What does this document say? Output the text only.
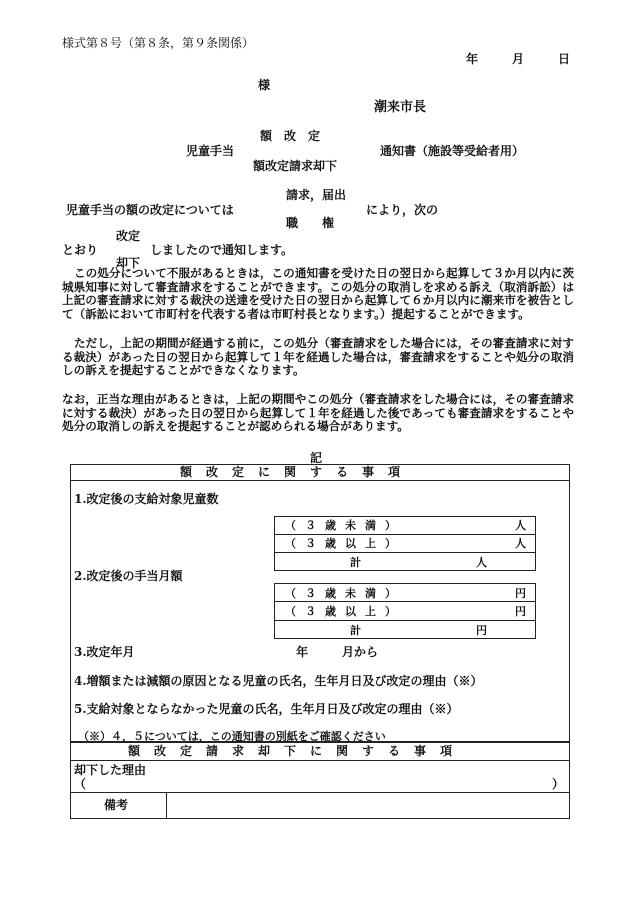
様式第８号（第８条，第９条関係）
年	月	日
様
潮来市長
額　改　定
児童手当
額改定請求却下
通知書（施設等受給者用）
請求，届出
児童手当の額の改定については
職　　権
により，次の
改定
とおり	しましたので通知します。
却下
この処分について不服があるときは，この通知書を受けた日の翌日から起算して３か月以内に茨城県知事に対して審査請求をすることができます。この処分の取消しを求める訴え（取消訴訟）は上記の審査請求に対する裁決の送達を受けた日の翌日から起算して６か月以内に潮来市を被告として（訴訟において市町村を代表する者は市町村長となります。）提起することができます。
ただし，上記の期間が経過する前に，この処分（審査請求をした場合には，その審査請求に対する裁決）があった日の翌日から起算して１年を経過した場合は，審査請求をすることや処分の取消しの訴えを提起することができなくなります。
なお，正当な理由があるときは，上記の期間やこの処分（審査請求をした場合には，その審査請求に対する裁決）があった日の翌日から起算して１年を経過した後であっても審査請求をすることや処分の取消しの訴えを提起することが認められる場合があります。
記
額改定に関する事項
1.改定後の支給対象児童数
（３歳未満）	人
（３歳以上）	人
計	人
2.改定後の手当月額
（３歳未満）	円
（３歳以上）	円
計	円
3.改定年月	年	月から
4.増額または減額の原因となる児童の氏名，生年月日及び改定の理由（※）
5.支給対象とならなかった児童の氏名，生年月日及び改定の理由（※）
（※）４，５については，この通知書の別紙をご確認ください
額改定請求却下に関する事項
却下した理由
（	）
備考
